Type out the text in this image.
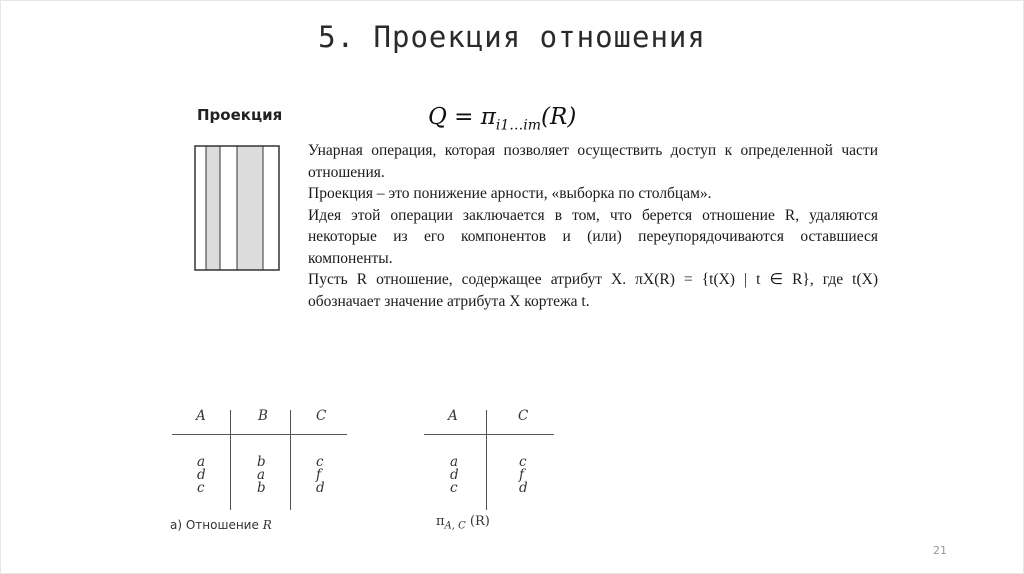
5. Проекция отношения
Проекция	$Q = \pi_{i1\dots im}(R)$

Унарная операция, которая позволяет осуществить доступ к определенной части отношения.

Проекция – это понижение арности, «выборка по столбцам».

Идея этой операции заключается в том, что берется отношение R, удаляются некоторые из его компонентов и (или) переупорядочиваются оставшиеся компоненты.

Пусть R отношение, содержащее атрибут X. πX(R) = {t(X) | t ∈ R}, где t(X) обозначает значение атрибута X кортежа t.

A	B	C
a	b	c
d	a	f
c	b	d
а) Отношение R
A	C
a	c
d	f
c	d
$\pi_{A, C}$ (R)
21
